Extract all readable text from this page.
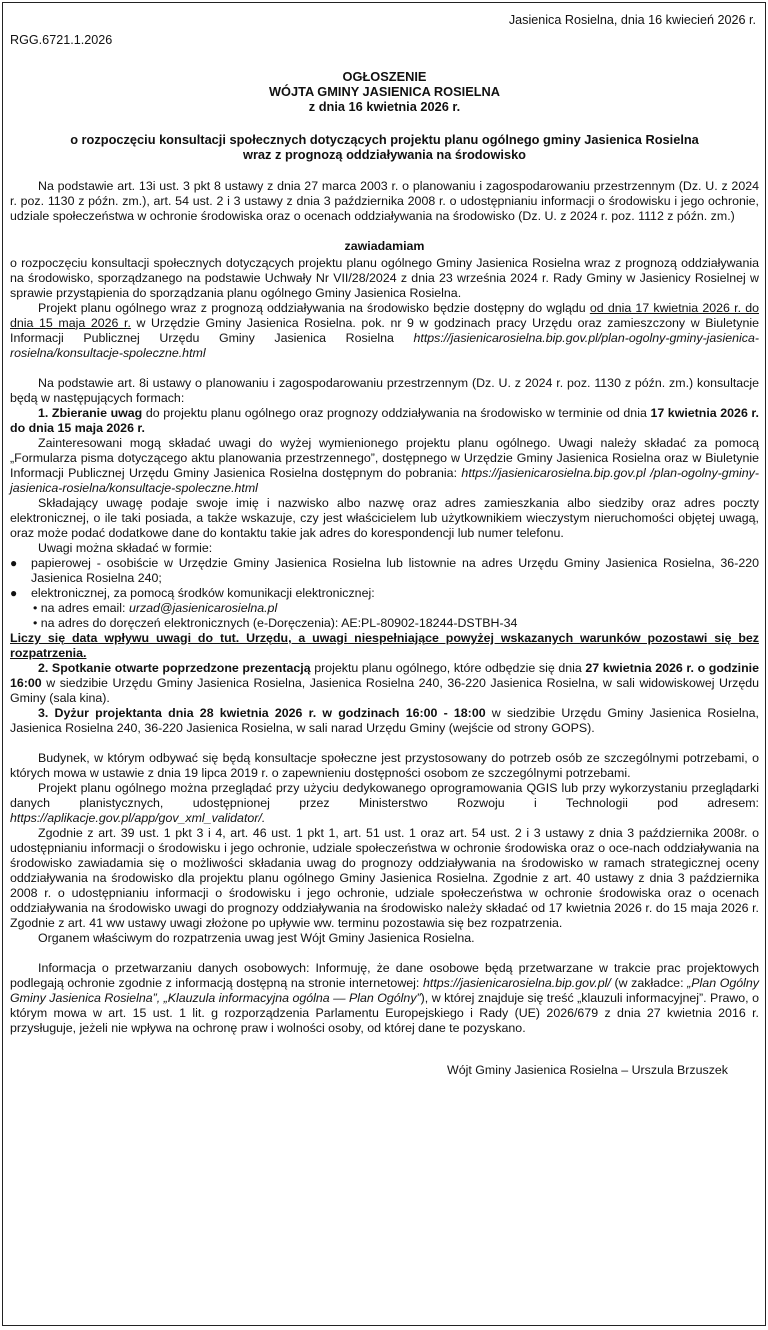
Jasienica Rosielna, dnia 16 kwiecień 2026 r.
RGG.6721.1.2026
OGŁOSZENIE
WÓJTA GMINY JASIENICA ROSIELNA
z dnia 16 kwietnia 2026 r.
o rozpoczęciu konsultacji społecznych dotyczących projektu planu ogólnego gminy Jasienica Rosielna
wraz z prognozą oddziaływania na środowisko

Na podstawie art. 13i ust. 3 pkt 8 ustawy z dnia 27 marca 2003 r. o planowaniu i zagospodarowaniu przestrzennym (Dz. U. z 2024 r. poz. 1130 z późn. zm.), art. 54 ust. 2 i 3 ustawy z dnia 3 października 2008 r. o udostępnianiu informacji o środowisku i jego ochronie, udziale społeczeństwa w ochronie środowiska oraz o ocenach oddziaływania na środowisko (Dz. U. z 2024 r. poz. 1112 z późn. zm.)

zawiadamiam

o rozpoczęciu konsultacji społecznych dotyczących projektu planu ogólnego Gminy Jasienica Rosielna wraz z prognozą oddziaływania na środowisko, sporządzanego na podstawie Uchwały Nr VII/28/2024 z dnia 23 września 2024 r. Rady Gminy w Jasienicy Rosielnej w sprawie przystąpienia do sporządzania planu ogólnego Gminy Jasienica Rosielna.

Projekt planu ogólnego wraz z prognozą oddziaływania na środowisko będzie dostępny do wglądu od dnia 17 kwietnia 2026 r. do dnia 15 maja 2026 r. w Urzędzie Gminy Jasienica Rosielna. pok. nr 9 w godzinach pracy Urzędu oraz zamieszczony w Biuletynie Informacji Publicznej Urzędu Gminy Jasienica Rosielna https://jasienicarosielna.bip.gov.pl/plan-ogolny-gminy-jasienica-rosielna/konsultacje-spoleczne.html

Na podstawie art. 8i ustawy o planowaniu i zagospodarowaniu przestrzennym (Dz. U. z 2024 r. poz. 1130 z późn. zm.) konsultacje będą w następujących formach:

1. Zbieranie uwag do projektu planu ogólnego oraz prognozy oddziaływania na środowisko w terminie od dnia 17 kwietnia 2026 r. do dnia 15 maja 2026 r.

Zainteresowani mogą składać uwagi do wyżej wymienionego projektu planu ogólnego. Uwagi należy składać za pomocą „Formularza pisma dotyczącego aktu planowania przestrzennego”, dostępnego w Urzędzie Gminy Jasienica Rosielna oraz w Biuletynie Informacji Publicznej Urzędu Gminy Jasienica Rosielna dostępnym do pobrania: https://jasienicarosielna.bip.gov.pl /plan-ogolny-gminy-jasienica-rosielna/konsultacje-spoleczne.html

Składający uwagę podaje swoje imię i nazwisko albo nazwę oraz adres zamieszkania albo siedziby oraz adres poczty elektronicznej, o ile taki posiada, a także wskazuje, czy jest właścicielem lub użytkownikiem wieczystym nieruchomości objętej uwagą, oraz może podać dodatkowe dane do kontaktu takie jak adres do korespondencji lub numer telefonu.

Uwagi można składać w formie:

●	papierowej - osobiście w Urzędzie Gminy Jasienica Rosielna lub listownie na adres Urzędu Gminy Jasienica Rosielna, 36-220 Jasienica Rosielna 240;
●	elektronicznej, za pomocą środków komunikacji elektronicznej:
• na adres email: urzad@jasienicarosielna.pl
• na adres do doręczeń elektronicznych (e-Doręczenia): AE:PL-80902-18244-DSTBH-34

Liczy się data wpływu uwagi do tut. Urzędu, a uwagi niespełniające powyżej wskazanych warunków pozostawi się bez rozpatrzenia.

2. Spotkanie otwarte poprzedzone prezentacją projektu planu ogólnego, które odbędzie się dnia 27 kwietnia 2026 r. o godzinie 16:00 w siedzibie Urzędu Gminy Jasienica Rosielna, Jasienica Rosielna 240, 36-220 Jasienica Rosielna, w sali widowiskowej Urzędu Gminy (sala kina).

3. Dyżur projektanta dnia 28 kwietnia 2026 r. w godzinach 16:00 - 18:00 w siedzibie Urzędu Gminy Jasienica Rosielna, Jasienica Rosielna 240, 36-220 Jasienica Rosielna, w sali narad Urzędu Gminy (wejście od strony GOPS).

Budynek, w którym odbywać się będą konsultacje społeczne jest przystosowany do potrzeb osób ze szczególnymi potrzebami, o których mowa w ustawie z dnia 19 lipca 2019 r. o zapewnieniu dostępności osobom ze szczególnymi potrzebami.

Projekt planu ogólnego można przeglądać przy użyciu dedykowanego oprogramowania QGIS lub przy wykorzystaniu przeglądarki danych planistycznych, udostępnionej przez Ministerstwo Rozwoju i Technologii pod adresem: https://aplikacje.gov.pl/app/gov_xml_validator/.

Zgodnie z art. 39 ust. 1 pkt 3 i 4, art. 46 ust. 1 pkt 1, art. 51 ust. 1 oraz art. 54 ust. 2 i 3 ustawy z dnia 3 października 2008r. o udostępnianiu informacji o środowisku i jego ochronie, udziale społeczeństwa w ochronie środowiska oraz o oce-nach oddziaływania na środowisko zawiadamia się o możliwości składania uwag do prognozy oddziaływania na środowisko w ramach strategicznej oceny oddziaływania na środowisko dla projektu planu ogólnego Gminy Jasienica Rosielna. Zgodnie z art. 40 ustawy z dnia 3 października 2008 r. o udostępnianiu informacji o środowisku i jego ochronie, udziale społeczeństwa w ochronie środowiska oraz o ocenach oddziaływania na środowisko uwagi do prognozy oddziaływania na środowisko należy składać od 17 kwietnia 2026 r. do 15 maja 2026 r. Zgodnie z art. 41 ww ustawy uwagi złożone po upływie ww. terminu pozostawia się bez rozpatrzenia.

Organem właściwym do rozpatrzenia uwag jest Wójt Gminy Jasienica Rosielna.

Informacja o przetwarzaniu danych osobowych: Informuję, że dane osobowe będą przetwarzane w trakcie prac projektowych podlegają ochronie zgodnie z informacją dostępną na stronie internetowej: https://jasienicarosielna.bip.gov.pl/ (w zakładce: „Plan Ogólny Gminy Jasienica Rosielna”, „Klauzula informacyjna ogólna — Plan Ogólny”), w której znajduje się treść „klauzuli informacyjnej”. Prawo, o którym mowa w art. 15 ust. 1 lit. g rozporządzenia Parlamentu Europejskiego i Rady (UE) 2026/679 z dnia 27 kwietnia 2016 r. przysługuje, jeżeli nie wpływa na ochronę praw i wolności osoby, od której dane te pozyskano.

Wójt Gminy Jasienica Rosielna – Urszula Brzuszek
